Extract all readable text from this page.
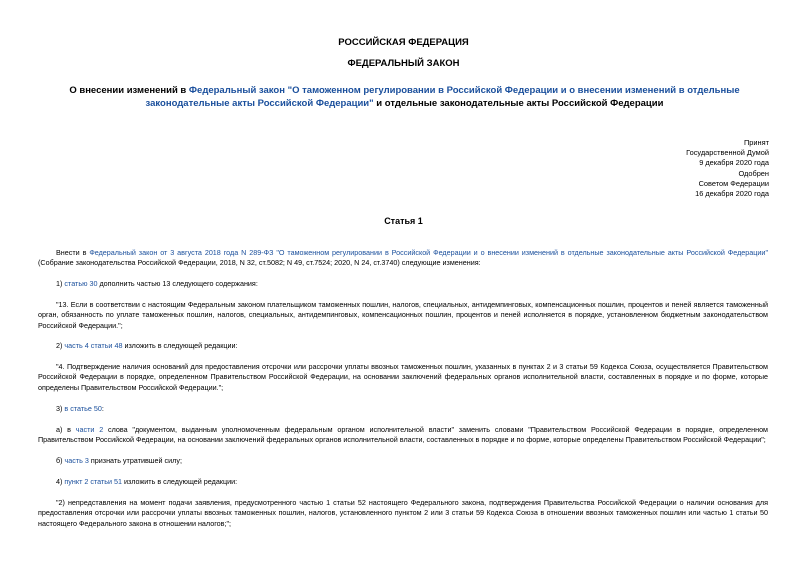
РОССИЙСКАЯ ФЕДЕРАЦИЯ
ФЕДЕРАЛЬНЫЙ ЗАКОН
О внесении изменений в Федеральный закон "О таможенном регулировании в Российской Федерации и о внесении изменений в отдельные законодательные акты Российской Федерации" и отдельные законодательные акты Российской Федерации
Принят
Государственной Думой
9 декабря 2020 года
Одобрен
Советом Федерации
16 декабря 2020 года
Статья 1
Внести в Федеральный закон от 3 августа 2018 года N 289-ФЗ "О таможенном регулировании в Российской Федерации и о внесении изменений в отдельные законодательные акты Российской Федерации" (Собрание законодательства Российской Федерации, 2018, N 32, ст.5082; N 49, ст.7524; 2020, N 24, ст.3740) следующие изменения:
1) статью 30 дополнить частью 13 следующего содержания:
"13. Если в соответствии с настоящим Федеральным законом плательщиком таможенных пошлин, налогов, специальных, антидемпинговых, компенсационных пошлин, процентов и пеней является таможенный орган, обязанность по уплате таможенных пошлин, налогов, специальных, антидемпинговых, компенсационных пошлин, процентов и пеней исполняется в порядке, установленном бюджетным законодательством Российской Федерации.";
2) часть 4 статьи 48 изложить в следующей редакции:
"4. Подтверждение наличия оснований для предоставления отсрочки или рассрочки уплаты ввозных таможенных пошлин, указанных в пунктах 2 и 3 статьи 59 Кодекса Союза, осуществляется Правительством Российской Федерации в порядке, определенном Правительством Российской Федерации, на основании заключений федеральных органов исполнительной власти, составленных в порядке и по форме, которые определены Правительством Российской Федерации.";
3) в статье 50:
а) в части 2 слова "документом, выданным уполномоченным федеральным органом исполнительной власти" заменить словами "Правительством Российской Федерации в порядке, определенном Правительством Российской Федерации, на основании заключений федеральных органов исполнительной власти, составленных в порядке и по форме, которые определены Правительством Российской Федерации";
б) часть 3 признать утратившей силу;
4) пункт 2 статьи 51 изложить в следующей редакции:
"2) непредставления на момент подачи заявления, предусмотренного частью 1 статьи 52 настоящего Федерального закона, подтверждения Правительства Российской Федерации о наличии основания для предоставления отсрочки или рассрочки уплаты ввозных таможенных пошлин, налогов, установленного пунктом 2 или 3 статьи 59 Кодекса Союза в отношении ввозных таможенных пошлин или частью 1 статьи 50 настоящего Федерального закона в отношении налогов;";
